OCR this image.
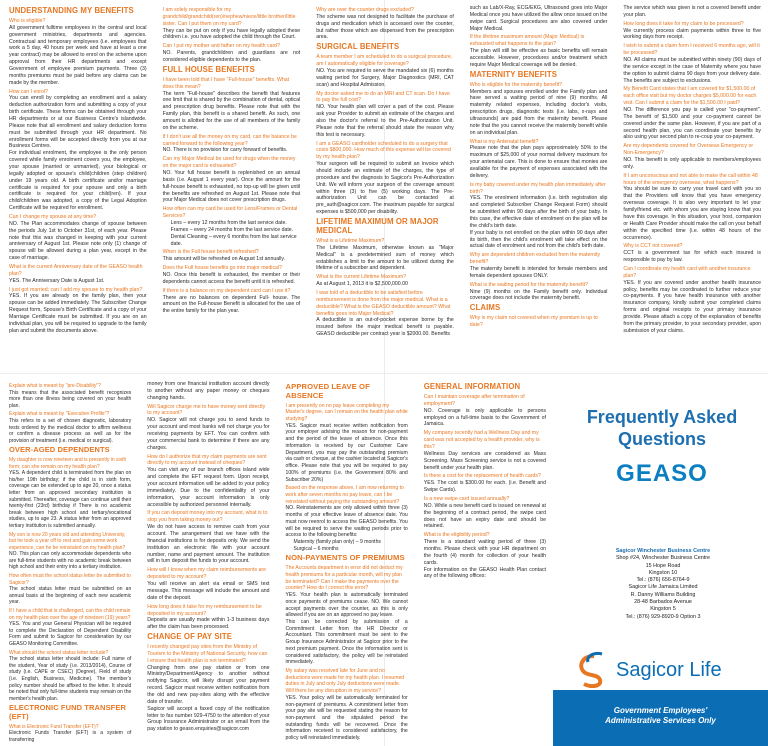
UNDERSTANDING MY BENEFITS
Who is eligible?
All government fulltime employees in the central and local government ministries, departments and agencies. Contractual and temporary employees (i.e. employees that work a 5 day, 40 hours per week and have at least a one year contract) may be allowed to enrol on the scheme upon approval from their HR departments and except Government of employee premium payments. Three (3) months premiums must be paid before any claims can be made by the member.
How can I enrol?
You can enroll by completing an enrollment and a salary deduction authorization form and submitting a copy of your birth certificate. These forms can be obtained through your HR departments or at our Business Centre's islandwide. Please note that all enrollment and salary deduction forms must be submitted through your HR department. No enrollment forms will be accepted directly from you at our Business Centres.
For individual enrolment, the employee is the only person covered while family enrolment covers you, the employee, your spouse (married or unmarried), your biological or legally adopted or spouse's child(children (step children) under 19 years old. A birth certificate and/or marriage certificate is required for your spouse and only a birth certificate is required for your child(ren). If your child/children was adopted, a copy of the Legal Adoption Certificate will be required for enrollment.
Can I change my spouse at any time?
NO. The Plan accommodates change of spouse between the periods July 1st to October 31st, of each year. Please note that this was changed in keeping with your current anniversary of August 1st. Please note only (1) change of spouse will be allowed during a plan year, except in the case of marriage.
What is the current Anniversary date of the GEASO health plan?
YES. The Anniversary Date is August 1st.
I just got married; can I add my spouse to my health plan?
YES. If you are already on the family plan, then your spouse can be added immediately. The Subscriber Change Request form, Spouse's Birth Certificate and a copy of your Marriage Certificate must be submitted. If you are on an individual plan, you will be required to upgrade to the family plan and submit the documents above.
I am solely responsible for my grandchild/grandchild(ren)/nephew/niece/little brother/little sister. Can I put them on my card?
They can be put on only if you have legally adopted these children i.e. you have adopted the child through the Court.
Can I put my mother and father on my health card?
NO. Parents, grandchildren and guardians are not considered eligible dependents to the plan.
FULL HOUSE BENEFITS
I have been told that I have "Full-house" benefits. What does this mean?
The term "Full-house" describes the benefit that features one limit that is shared by the combination of dental, optical and prescription drug benefits. Please note that with the Family plan, this benefit is a shared benefit. As such, one amount is allotted for the use of all members of the family on the scheme.
If I don't use all the money on my card, can the balance be carried forward to the following year?
NO. There is no provision for carry forward of benefits.
Can my Major Medical be used for drugs when the money on the major card is exhausted?
NO. Your full house benefit is replenished on an annual basis (i.e. August 1 every year). Once the amount for the full-house benefit is exhausted, no top-up will be given until the benefits are refreshed on August 1st. Please note that your Major Medical does not cover prescription drugs.
How often can my card be used for Lens/Frames or Dental Services?
Lens – every 12 months from the last service date.
Frames – every 24 months from the last service date.
Dental Cleaning – every 6 months from the last service date.
When is the Full house benefit refreshed?
This amount will be refreshed on August 1st annually.
Does the Full house benefits go into major medical?
NO. Once this benefit is exhausted, the member or their dependents cannot access the benefit until it is refreshed.
If there is a balance on my dependent card can I use it?
There are no balances on dependent Full- house. The amount on the Full-house Benefit is allocated for the use of the entire family for the plan year.
Why are over the counter drugs excluded?
The scheme was not designed to facilitate the purchase of drugs and medication which is accessed over the counter, but rather those which are dispensed from the prescription area.
SURGICAL BENEFITS
A team member I am scheduled to do a surgical procedure, am I automatically eligible for coverage?
NO. You are required to serve the mandated six (6) months waiting period for Surgery, Major Diagnostics (MRI, CAT scan) and Hospital Admission.
My doctor asked me to do an MRI and CT scan. Do I have to pay the full cost?
NO. Your health plan will cover a part of the cost. Please ask your Provider to submit an estimate of the charges and also the doctor's referral to the Pre-Authorization Unit. Please note that the referral should state the reason why this test is necessary.
I am a GEASO cardholder scheduled to do a surgery that costs $800,000. How much of this expense will be covered by my health plan?
Your surgeon will be required to submit an invoice which should include an estimate of the charges, the type of procedure and the diagnosis to Sagicor's Pre-Authorization Unit. We will inform your surgeon of the coverage amount within three (3) to five (5) working days. The Pre-authorization Unit can be contacted at pre_auth@sagicor.com. The maximum payable for surgical expenses is $500,000 per disability.
LIFETIME MAXIMUM OR MAJOR MEDICAL
What is a Lifetime Maximum?
The Lifetime Maximum, otherwise known as "Major Medical" is a predetermined sum of money which establishes a limit to the amount to be utilized during the lifetime of a subscriber and dependent.
What is the current Lifetime Maximum?
As at August 1, 2013 it is $2,500,000.00
I was told of a deductible to be satisfied before reimbursement is done from the major medical. What is a deductible? What is the GEASO deductible amount? What benefits goes into Major Medical?
A deductible is an out-of-pocket expense borne by the insured before the major medical benefit is payable. GEASO deductible per contract year is $2000.00. Benefits
such as Lab/X-Ray, ECG/EKG, Ultrasound goes into Major Medical once you have utilized the allow once issued on the swipe card. Surgical procedures are also covered under Major Medical.
If the lifetime maximum amount (Major Medical) is exhausted what happens to the plan?
The plan will still be effective as basic benefits will remain accessible. However, procedures and/or treatment which require Major Medical coverage will be denied.
MATERNITY BENEFITS
Who is eligible for the maternity benefit?
Members and spouses enrolled under the Family plan and have served a waiting period of nine (9) months. All maternity related expenses, including doctor's visits, prescription drugs, diagnostic tests (i.e. labs, x-rays and ultrasounds) are paid from the maternity benefit. Please note that the you cannot receive the maternity benefit while on an individual plan.
What is my Antenatal benefit?
Please note that the plan pays approximately 50% to the maximum of $25,000 of your normal delivery maximum for your antenatal care. This is done to ensure that monies are available for the payment of expenses associated with the delivery.
Is my baby covered under my health plan immediately after birth?
YES. The enrolment information (i.e. birth registration slip and completed Subscriber Change Request Form) should be submitted within 90 days after the birth of your baby. In this case, the effective date of enrolment on the plan will be the child's birth date.
If your baby is not enrolled on the plan within 90 days after its birth, then the child's enrolment will take effect on the actual date of enrolment and not from the child's birth date.
Why are dependent children excluded from the maternity benefit?
The maternity benefit is intended for female members and female dependent spouses ONLY.
What is the waiting period for the maternity benefit?
Nine (9) months on the Family benefit only. Individual coverage does not include the maternity benefit.
CLAIMS
Why is my claim not covered when my premium is up to date?
The service which was given is not a covered benefit under your plan.
How long does it take for my claim to be processed?
We currently process claim payments within three to five working days from receipt.
I wish to submit a claim form I received 6 months ago, will it be processed?
NO. All claims must be submitted within ninety (90) days of the service except in the case of Maternity where you have the option to submit claims 90 days from your delivery date. The benefits are subject to exclusions.
My Benefit Card states that I am covered for $1,500.00 of each office visit but my doctor charges $5,000.00 for each visit. Can I submit a claim for the $1,500.00 I paid?
NO. The difference you pay is called your "co-payment". The benefit of $1,500 and your co-payment cannot be covered under the same plan. However, if you are part of a second health plan, you can coordinate your benefits by also using your second plan to re-coup your co-payment.
Are my dependents covered for Overseas Emergency or Non-Emergency?
NO. This benefit is only applicable to members/employees only.
If I am unconscious and not able to make the call within 48 hours of the emergency overseas, what happens?
You should be sure to carry your travel card with you so that the Providers will know that you have emergency overseas coverage. It is also very important to let your family/friend etc. with whom you are staying know that you have this coverage. In this situation, your host, companion or Health Care Provider should make the call on your behalf within the specified time (i.e. within 48 hours of the occurrence).
Why is CCT not covered?
CCT is a government tax for which each insured is responsible to pay by law.
Can I coordinate my health card with another insurance plan?
YES. If you are covered under another health insurance policy, benefits may be coordinated to further reduce your co-payments. If you have health insurance with another insurance company, kindly submit your completed claims forms and original receipts to your primary insurance provide. Please attach a copy of the explanation of benefits from the primary provider, to your secondary provider, upon submission of your claims.
Explain what is meant by "pre-Disability"?
This means that the associated benefit recognizes more than one illness being covered on your health plan.
Explain what is meant by "Executive Profile"?
This refers to a set of chosen diagnostic, laboratory tests ordered by the medical doctor to affirm wellness or confirm a disease process as well as for the provision of treatment (i.e. medical or surgical).
OVER-AGED DEPENDENTS
My daughter is now nineteen and is presently in sixth form; can she remain on my health plan?
YES. A dependent child is terminated from the plan on his/her 19th birthday; if the child is in sixth form, coverage can be extended up to age 20, once a status letter from an approved secondary institution is submitted. Thereafter, coverage can continue until their twenty-first (23rd) birthday if There is no academic break between high school and tertiary/vocational studies, up to age 23. A status letter from an approved tertiary institution is submitted annually.
My son is now 20 years old and attending University, but he took a year off to rest and gain some work experience, can he be reinstated on my health plan?
NO. This plan can only accommodate dependents who are full-time students with no academic break between high school and their entry into a tertiary institution.
How often must the school status letter be submitted to Sagicor?
The school status letter must be submitted on an annual basis at the beginning of each new academic year.
If I have a child that is challenged, can the child remain on my health plan over the age of nineteen (19) years?
YES. You and your General Physician will be required to complete the Declaration of Dependent Disability Form and submit to Sagicor for consideration by our GEASO Monitoring Committee.
What should the school status letter include?
The school status letter should include: Full name of the student, Year of study (i.e. 2013/2014), Course of study (i.e. CAPE or CSEC) (Degree), Field of study (i.e. English, Business, Medicine). The member's policy number should be affixed to the letter. It should be noted that only full-time students may remain on the member's health plan.
ELECTRONIC FUND TRANSFER (EFT)
What is Electronic Fund Transfer (EFT)?
Electronic Funds Transfer (EFT) is a system of transferring
money from one financial institution account directly to another without any paper money or cheques changing hands.
Will Sagicor charge me to have money sent directly to my account?
NO. Sagicor will not charge you to send funds to your account and most banks will not charge you for receiving payments by EFT. You can confirm with your commercial bank to determine if there are any charges.
How do I authorize that my claim payments are sent directly to my account instead of cheques?
You can visit any of our branch offices island wide and complete the EFT request form. Upon receipt, your account information will be added to your policy immediately. Due to the confidentiality of your information, your account information is only accessible by authorized personnel internally.
If you can deposit money into my account, what is to stop you from taking money out?
We do not have access to remove cash from your account. The arrangement that we have with the financial institutions is for deposits only. We send the institution an electronic file with your account number, name and payment amount. The institution will in turn deposit the funds to your account.
How will I know when my claim reimbursements are deposited to my account?
You will receive an alert via email or SMS text message. This message will include the amount and date of the deposit.
How long does it take for my reimbursement to be deposited in my account?
Deposits are usually made within 1-3 business days after the claim has been processed.
CHANGE OF PAY SITE
I recently changed pay sites from the Ministry of Tourism to the Ministry of National Security, how can I ensure that health plan is not terminated?
Changing from one pay station or from one Ministry/Department/Agency to another without notifying Sagicor, will likely disrupt your payment record. Sagicor must receive written notification from the old and new pay-sites along with the effective date of transfer.
Sagicor will accept a faxed copy of the notification letter to fax number 929-4750 to the attention of your Group Insurance Administrator or an email from the pay station to geaso.enquiries@sagicor.com
APPROVED LEAVE OF ABSENCE
I am presently on no pay leave completing my Master's degree, can I remain on the health plan while studying?
YES. Sagicor must receive written notification from your employer advising the reason for non-payment and the period of the leave of absence. Once this information is received by our Customer Care Department, you may pay the outstanding premium via cash or cheque, at the cashier located at Sagicor's office. Please note that you will be required to pay 100% of premiums (i.e. the Government 80% and Subscriber 20%)
Based on the response above, I am now returning to work after seven months no pay leave, can I be reinstated without paying the outstanding amount?
NO. Reinstatements are only allowed within three (3) months of your effective leave of absence date. You must now reenrol to access the GEASO benefits. You will be required to serve the waiting periods prior to access to the following benefits:
Maternity (family plan only) – 9 months
Surgical – 6 months
NON-PAYMENTS OF PREMIUMS
The Accounts department in error did not deduct my health premiums for a particular month, will my plan be terminated? Can I make the payments over the counter? How do I correct this error?
YES. Your health plan is automatically terminated once payments of premiums cease. NO. We cannot accept payments over the counter, as this is only allowed if you are on an approved no pay leave.
This can be corrected by submission of a Commitment Letter from the HR Director or Accountant. This commitment must be sent to the Group Insurance Administrator at Sagicor prior to the next premium payment. Once the information sent is considered satisfactory, the policy will be reinstated immediately.
My salary was received late for June and no deductions were made for my health plan. I resumed duties in July and only July deductions were made. Will there be any disruption in my service?
YES. Your policy will be automatically terminated for non-payment of premiums. A commitment letter from your pay site will be requested stating the reason for non-payment and the stipulated period the outstanding funds will be recovered. Once the information received is considered satisfactory, the policy will reinstated immediately.
GENERAL INFORMATION
Can I maintain coverage after termination of employment?
NO. Coverage is only applicable to persons employed on a full-time basis to the Government of Jamaica.
My company recently had a Wellness Day and my card was not accepted by a health provider, why is this?
Wellness Day services are considered as Mass Screening. Mass Screening service is not a covered benefit under your health plan.
Is there a cost for the replacement of health cards?
YES. The cost is $300.00 for each. (i.e. Benefit and Swipe Cards).
Is a new swipe card issued annually?
NO. While a new benefit card is issued on renewal at the beginning of a contract period, the swipe card does not have an expiry date and should be retained.
What is the eligibility period?
There is a standard waiting period of three (3) months. Please check with your HR department on the fourth (4) month for collection of your health cards.
For information on the GEASO Health Plan contact any of the following offices:
Frequently Asked Questions
GEASO
Sagicor Winchester Business Centre
Shop #24, Winchester Business Centre
15 Hope Road
Kingston 10
Tel.: (876) 656-8764-9
Sagicor Life Jamaica Limited
R. Danny Williams Building
28-48 Barbados Avenue
Kingston 5
Tel.: (876) 929-8920-9 Option 3
Sagicor Life
Government Employees'
Administrative Services Only
